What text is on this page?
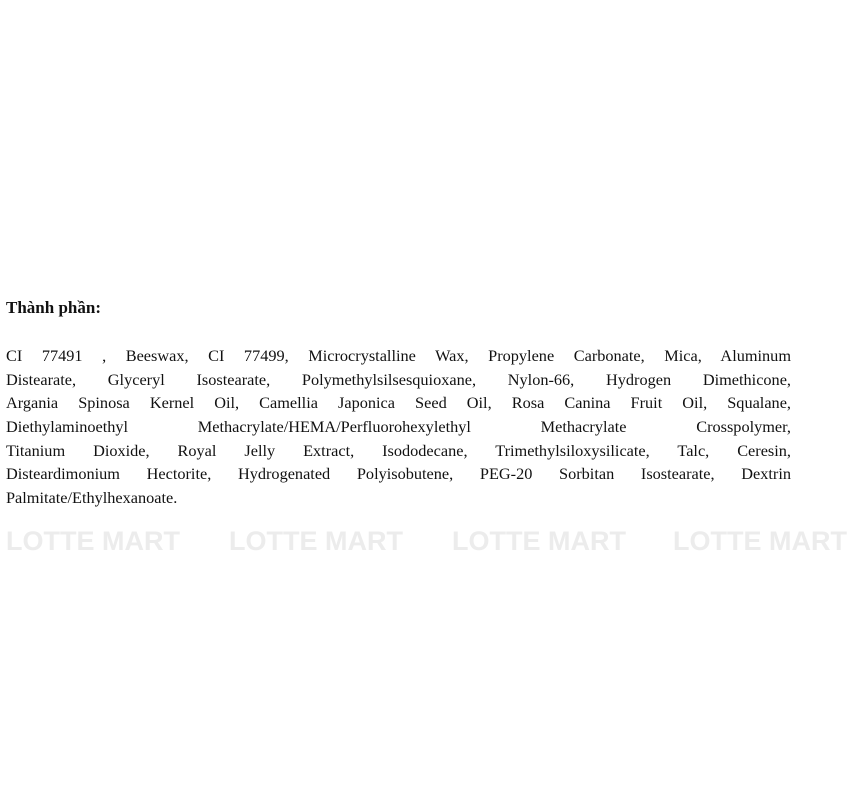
Thành phần:
CI 77491 , Beeswax, CI 77499, Microcrystalline Wax, Propylene Carbonate, Mica, Aluminum
Distearate, Glyceryl Isostearate, Polymethylsilsesquioxane, Nylon-66, Hydrogen Dimethicone,
Argania Spinosa Kernel Oil, Camellia Japonica Seed Oil, Rosa Canina Fruit Oil, Squalane,
Diethylaminoethyl Methacrylate/HEMA/Perfluorohexylethyl Methacrylate Crosspolymer,
Titanium Dioxide, Royal Jelly Extract, Isododecane, Trimethylsiloxysilicate, Talc, Ceresin,
Disteardimonium Hectorite, Hydrogenated Polyisobutene, PEG-20 Sorbitan Isostearate, Dextrin
Palmitate/Ethylhexanoate.
LOTTE MART LOTTE MART LOTTE MART LOTTE MART
